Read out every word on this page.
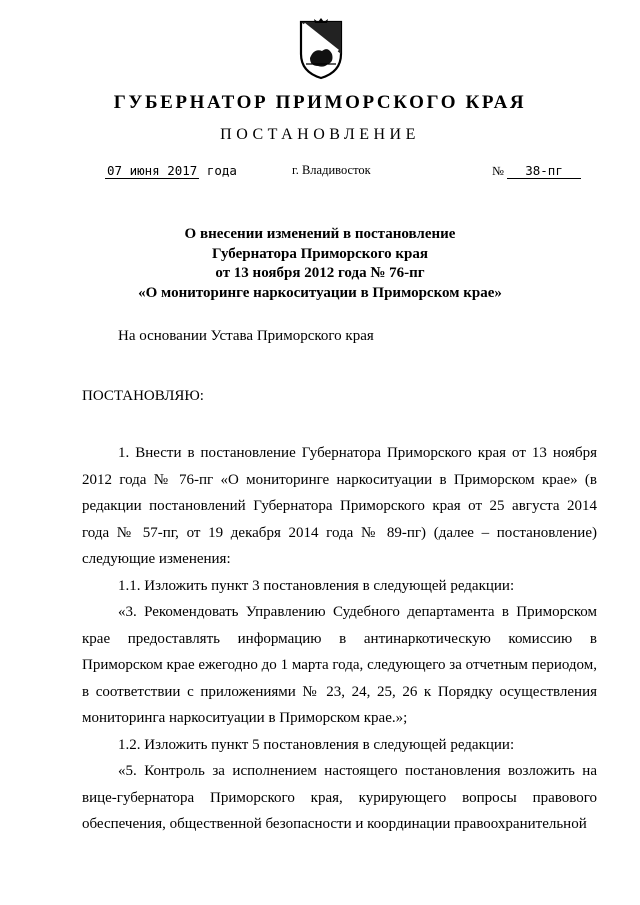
ГУБЕРНАТОР ПРИМОРСКОГО КРАЯ
ПОСТАНОВЛЕНИЕ
07 июня 2017 года	г. Владивосток	№ 38-пг
О внесении изменений в постановление
Губернатора Приморского края
от 13 ноября 2012 года № 76-пг
«О мониторинге наркоситуации в Приморском крае»
На основании Устава Приморского края
ПОСТАНОВЛЯЮ:

1. Внести в постановление Губернатора Приморского края от 13 ноября 2012 года № 76-пг «О мониторинге наркоситуации в Приморском крае» (в редакции постановлений Губернатора Приморского края от 25 августа 2014 года № 57-пг, от 19 декабря 2014 года № 89-пг) (далее – постановление) следующие изменения:

1.1. Изложить пункт 3 постановления в следующей редакции:

«3. Рекомендовать Управлению Судебного департамента в Приморском крае предоставлять информацию в антинаркотическую комиссию в Приморском крае ежегодно до 1 марта года, следующего за отчетным периодом, в соответствии с приложениями № 23, 24, 25, 26 к Порядку осуществления мониторинга наркоситуации в Приморском крае.»;

1.2. Изложить пункт 5 постановления в следующей редакции:

«5. Контроль за исполнением настоящего постановления возложить на вице-губернатора Приморского края, курирующего вопросы правового обеспечения, общественной безопасности и координации правоохранительной
